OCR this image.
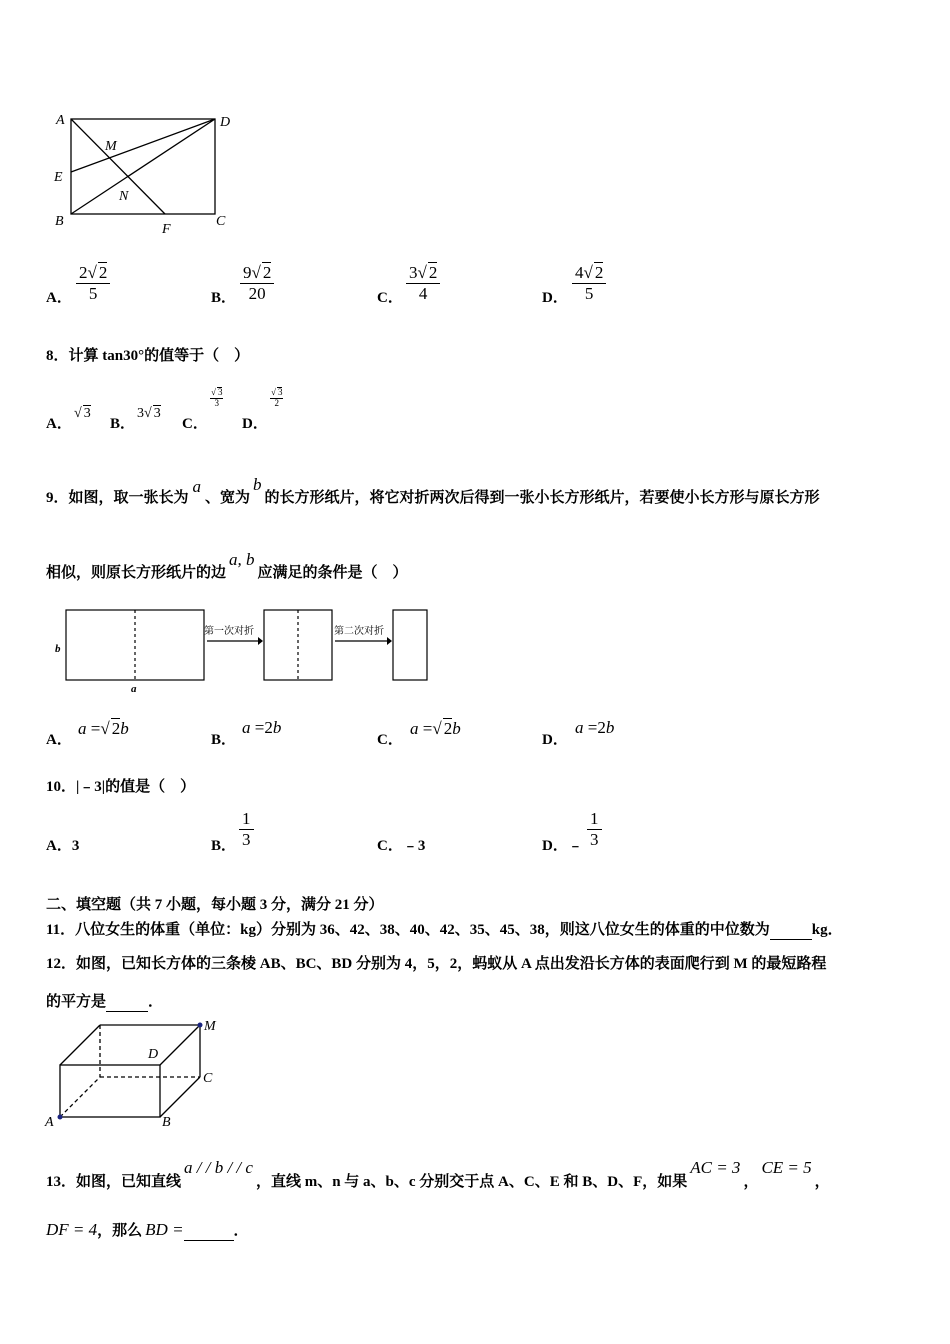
A	D
M
E
N
B
F
C
A． $\frac{2√ 2}{5}$	B． $\frac{9√ 2}{20}$	C． $\frac{3√ 2}{4}$	D． $\frac{4√ 2}{5}$
8．计算 tan30°的值等于（　）
A．
√ 3
B．
3√ 3
C．
√ 3
3
D．
√ 3
2
9．如图，取一张长为a、宽为b的长方形纸片，将它对折两次后得到一张小长方形纸片，若要使小长方形与原长方形
相似，则原长方形纸片的边a, b应满足的条件是（　）
b
a
第一次对折	第二次对折
A．
a =√ 2b
B．
a =2b
C．
a =√ 2b
D．
a =2b
10．|﹣3|的值是（　）
A．3	B． $\frac{1}{3}$	C．﹣3	D．﹣ $\frac{1}{3}$
二、填空题（共 7 小题，每小题 3 分，满分 21 分）
11．八位女生的体重（单位：kg）分别为 36、42、38、40、42、35、45、38，则这八位女生的体重的中位数为	kg．
12．如图，已知长方体的三条棱 AB、BC、BD 分别为 4，5，2，蚂蚁从 A 点出发沿长方体的表面爬行到 M 的最短路程
的平方是	．
M
D
C
A	B
13．如图，已知直线a / / b / / c，直线 m、n 与 a、b、c 分别交于点 A、C、E 和 B、D、F，如果AC = 3，CE = 5，
DF = 4，那么 BD =	．
